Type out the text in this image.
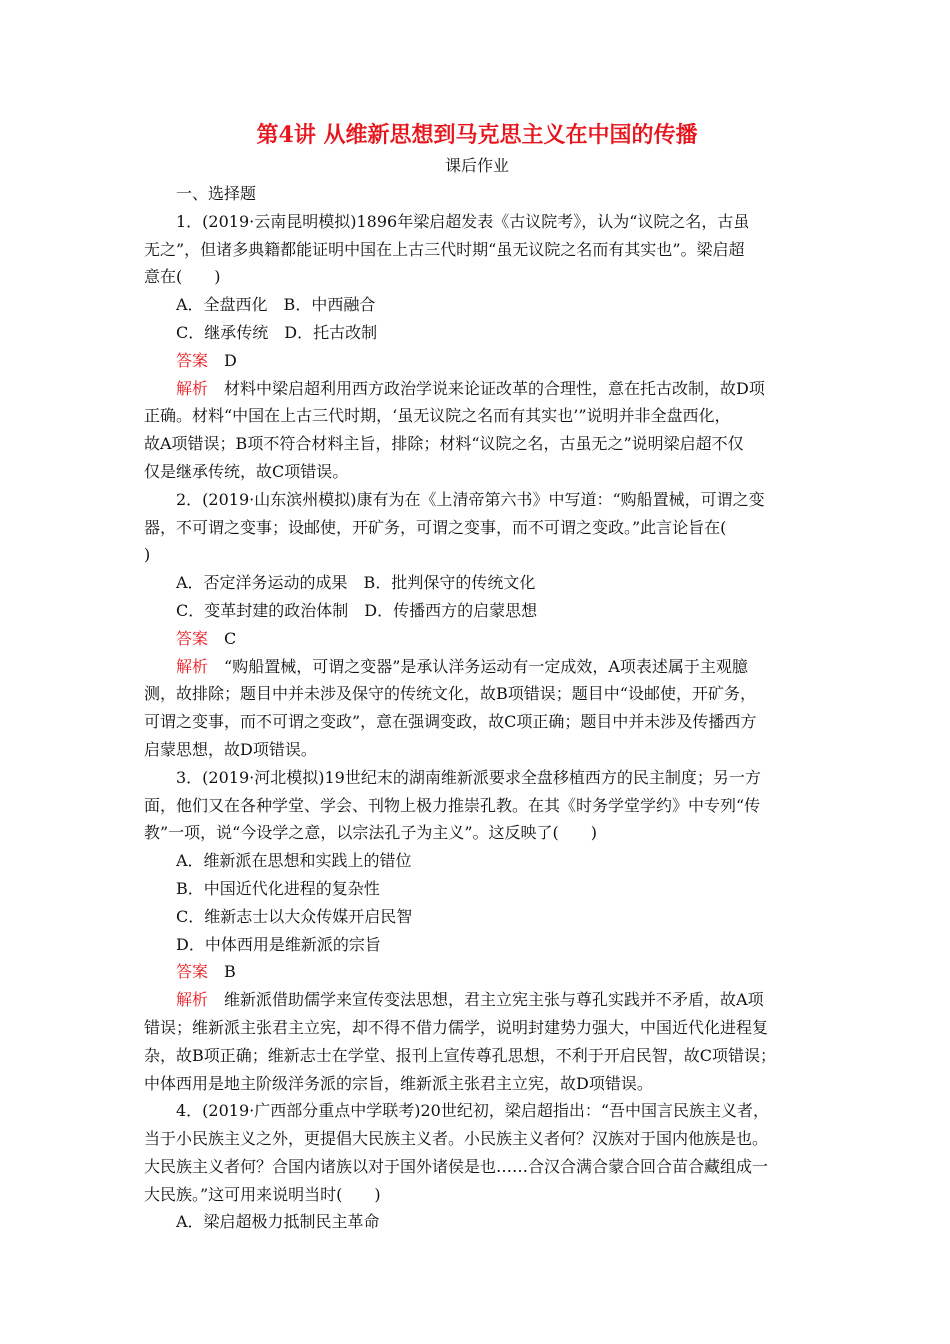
第4讲 从维新思想到马克思主义在中国的传播
课后作业
一、选择题
1．(2019·云南昆明模拟)1896年梁启超发表《古议院考》，认为“议院之名，古虽
无之”，但诸多典籍都能证明中国在上古三代时期“虽无议院之名而有其实也”。梁启超
意在(　　)
A．全盘西化　B．中西融合
C．继承传统　D．托古改制
答案 D
解析 材料中梁启超利用西方政治学说来论证改革的合理性，意在托古改制，故D项
正确。材料“中国在上古三代时期，‘虽无议院之名而有其实也’”说明并非全盘西化，
故A项错误；B项不符合材料主旨，排除；材料“议院之名，古虽无之”说明梁启超不仅
仅是继承传统，故C项错误。
2．(2019·山东滨州模拟)康有为在《上清帝第六书》中写道：“购船置械，可谓之变
器，不可谓之变事；设邮使，开矿务，可谓之变事，而不可谓之变政。”此言论旨在(
)
A．否定洋务运动的成果　B．批判保守的传统文化
C．变革封建的政治体制　D．传播西方的启蒙思想
答案 C
解析 “购船置械，可谓之变器”是承认洋务运动有一定成效，A项表述属于主观臆
测，故排除；题目中并未涉及保守的传统文化，故B项错误；题目中“设邮使，开矿务，
可谓之变事，而不可谓之变政”，意在强调变政，故C项正确；题目中并未涉及传播西方
启蒙思想，故D项错误。
3．(2019·河北模拟)19世纪末的湖南维新派要求全盘移植西方的民主制度；另一方
面，他们又在各种学堂、学会、刊物上极力推崇孔教。在其《时务学堂学约》中专列“传
教”一项，说“今设学之意，以宗法孔子为主义”。这反映了(　　)
A．维新派在思想和实践上的错位
B．中国近代化进程的复杂性
C．维新志士以大众传媒开启民智
D．中体西用是维新派的宗旨
答案 B
解析 维新派借助儒学来宣传变法思想，君主立宪主张与尊孔实践并不矛盾，故A项
错误；维新派主张君主立宪，却不得不借力儒学，说明封建势力强大，中国近代化进程复
杂，故B项正确；维新志士在学堂、报刊上宣传尊孔思想，不利于开启民智，故C项错误；
中体西用是地主阶级洋务派的宗旨，维新派主张君主立宪，故D项错误。
4．(2019·广西部分重点中学联考)20世纪初，梁启超指出：“吾中国言民族主义者，
当于小民族主义之外，更提倡大民族主义者。小民族主义者何？汉族对于国内他族是也。
大民族主义者何？合国内诸族以对于国外诸侯是也……合汉合满合蒙合回合苗合藏组成一
大民族。”这可用来说明当时(　　)
A．梁启超极力抵制民主革命
